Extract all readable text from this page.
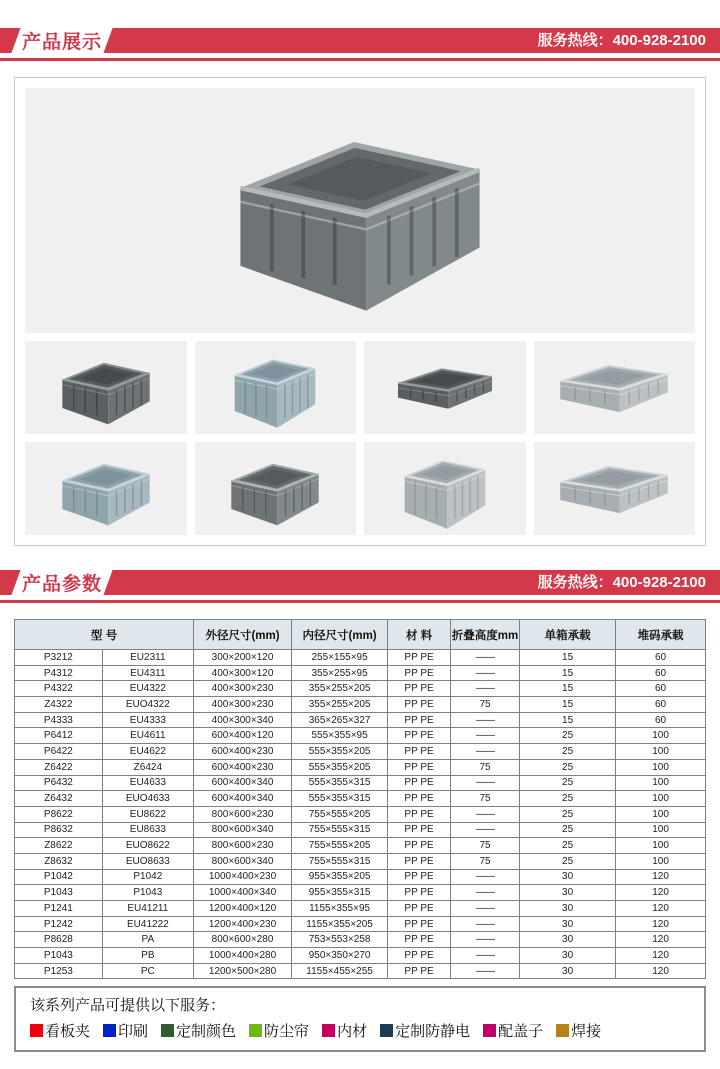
产品展示	服务热线：400-928-2100
产品参数	服务热线：400-928-2100
型 号		外径尺寸(mm)	内径尺寸(mm)	材 料	折叠高度mm	单箱承载	堆码承载
P3212	EU2311	300×200×120	255×155×95	PP PE	——	15	60
P4312	EU4311	400×300×120	355×255×95	PP PE	——	15	60
P4322	EU4322	400×300×230	355×255×205	PP PE	——	15	60
Z4322	EUO4322	400×300×230	355×255×205	PP PE	75	15	60
P4333	EU4333	400×300×340	365×265×327	PP PE	——	15	60
P6412	EU4611	600×400×120	555×355×95	PP PE	——	25	100
P6422	EU4622	600×400×230	555×355×205	PP PE	——	25	100
Z6422	Z6424	600×400×230	555×355×205	PP PE	75	25	100
P6432	EU4633	600×400×340	555×355×315	PP PE	——	25	100
Z6432	EUO4633	600×400×340	555×355×315	PP PE	75	25	100
P8622	EU8622	800×600×230	755×555×205	PP PE	——	25	100
P8632	EU8633	800×600×340	755×555×315	PP PE	——	25	100
Z8622	EUO8622	800×600×230	755×555×205	PP PE	75	25	100
Z8632	EUO8633	800×600×340	755×555×315	PP PE	75	25	100
P1042	P1042	1000×400×230	955×355×205	PP PE	——	30	120
P1043	P1043	1000×400×340	955×355×315	PP PE	——	30	120
P1241	EU41211	1200×400×120	1155×355×95	PP PE	——	30	120
P1242	EU41222	1200×400×230	1155×355×205	PP PE	——	30	120
P8628	PA	800×600×280	753×553×258	PP PE	——	30	120
P1043	PB	1000×400×280	950×350×270	PP PE	——	30	120
P1253	PC	1200×500×280	1155×455×255	PP PE	——	30	120
该系列产品可提供以下服务：
看板夹 印刷 定制颜色 防尘帘 内材 定制防静电 配盖子 焊接
